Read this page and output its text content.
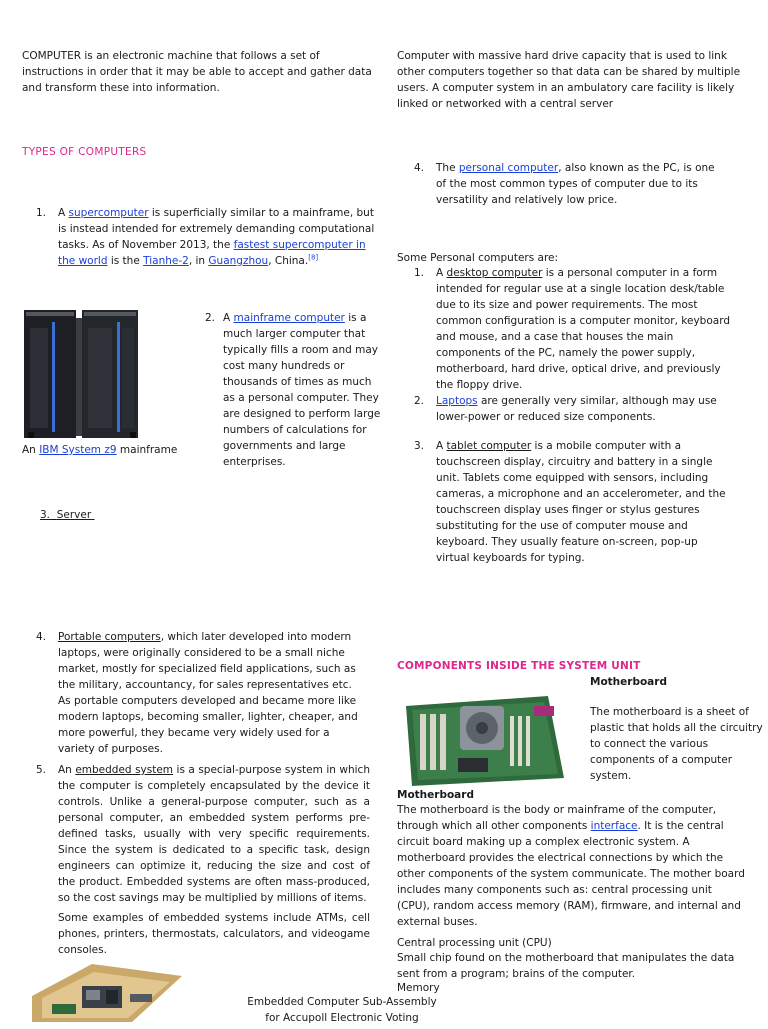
COMPUTER is an electronic machine that follows a set of instructions in order that it may be able to accept and gather data and transform these into information.

Computer with massive hard drive capacity that is used to link other computers together so that data can be shared by multiple users. A computer system in an ambulatory care facility is likely linked or networked with a central server

TYPES OF COMPUTERS
1. A supercomputer is superficially similar to a mainframe, but is instead intended for extremely demanding computational tasks. As of November 2013, the fastest supercomputer in the world is the Tianhe-2, in Guangzhou, China.[8]
An IBM System z9 mainframe
2. A mainframe computer is a much larger computer that typically fills a room and may cost many hundreds or thousands of times as much as a personal computer. They are designed to perform large numbers of calculations for governments and large enterprises.
3. Server
4. The personal computer, also known as the PC, is one of the most common types of computer due to its versatility and relatively low price.
Some Personal computers are:
1. A desktop computer is a personal computer in a form intended for regular use at a single location desk/table due to its size and power requirements. The most common configuration is a computer monitor, keyboard and mouse, and a case that houses the main components of the PC, namely the power supply, motherboard, hard drive, optical drive, and previously the floppy drive.
2. Laptops are generally very similar, although may use lower-power or reduced size components.
3. A tablet computer is a mobile computer with a touchscreen display, circuitry and battery in a single unit. Tablets come equipped with sensors, including cameras, a microphone and an accelerometer, and the touchscreen display uses finger or stylus gestures substituting for the use of computer mouse and keyboard. They usually feature on-screen, pop-up virtual keyboards for typing.
4. Portable computers, which later developed into modern laptops, were originally considered to be a small niche market, mostly for specialized field applications, such as the military, accountancy, for sales representatives etc. As portable computers developed and became more like modern laptops, becoming smaller, lighter, cheaper, and more powerful, they became very widely used for a variety of purposes.
5. An embedded system is a special-purpose system in which the computer is completely encapsulated by the device it controls. Unlike a general-purpose computer, such as a personal computer, an embedded system performs pre-defined tasks, usually with very specific requirements. Since the system is dedicated to a specific task, design engineers can optimize it, reducing the size and cost of the product. Embedded systems are often mass-produced, so the cost savings may be multiplied by millions of items.

Some examples of embedded systems include ATMs, cell phones, printers, thermostats, calculators, and videogame consoles.

Embedded Computer Sub-Assembly for Accupoll Electronic Voting
COMPONENTS INSIDE THE SYSTEM UNIT
Motherboard

The motherboard is a sheet of plastic that holds all the circuitry to connect the various components of a computer system.

Motherboard

The motherboard is the body or mainframe of the computer, through which all other components interface. It is the central circuit board making up a complex electronic system. A motherboard provides the electrical connections by which the other components of the system communicate. The mother board includes many components such as: central processing unit (CPU), random access memory (RAM), firmware, and internal and external buses.

Central processing unit (CPU)

Small chip found on the motherboard that manipulates the data sent from a program; brains of the computer.

Memory
